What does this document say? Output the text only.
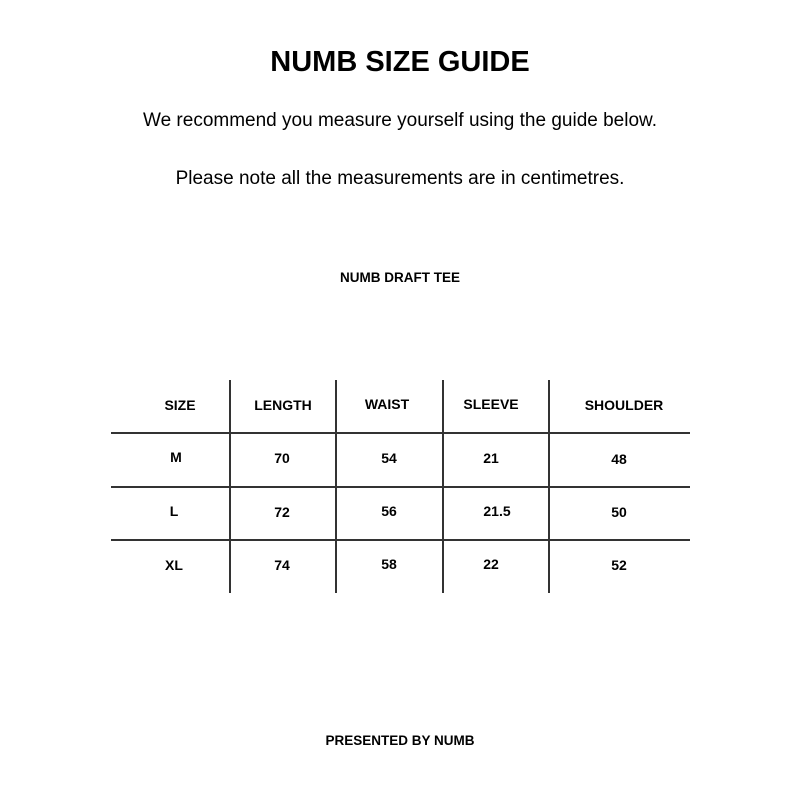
NUMB SIZE GUIDE
We recommend you measure yourself using the guide below.
Please note all the measurements are in centimetres.
NUMB DRAFT TEE
SIZE	LENGTH	WAIST	SLEEVE	SHOULDER
M	70	54	21	48
L	72	56	21.5	50
XL	74	58	22	52
PRESENTED BY NUMB
